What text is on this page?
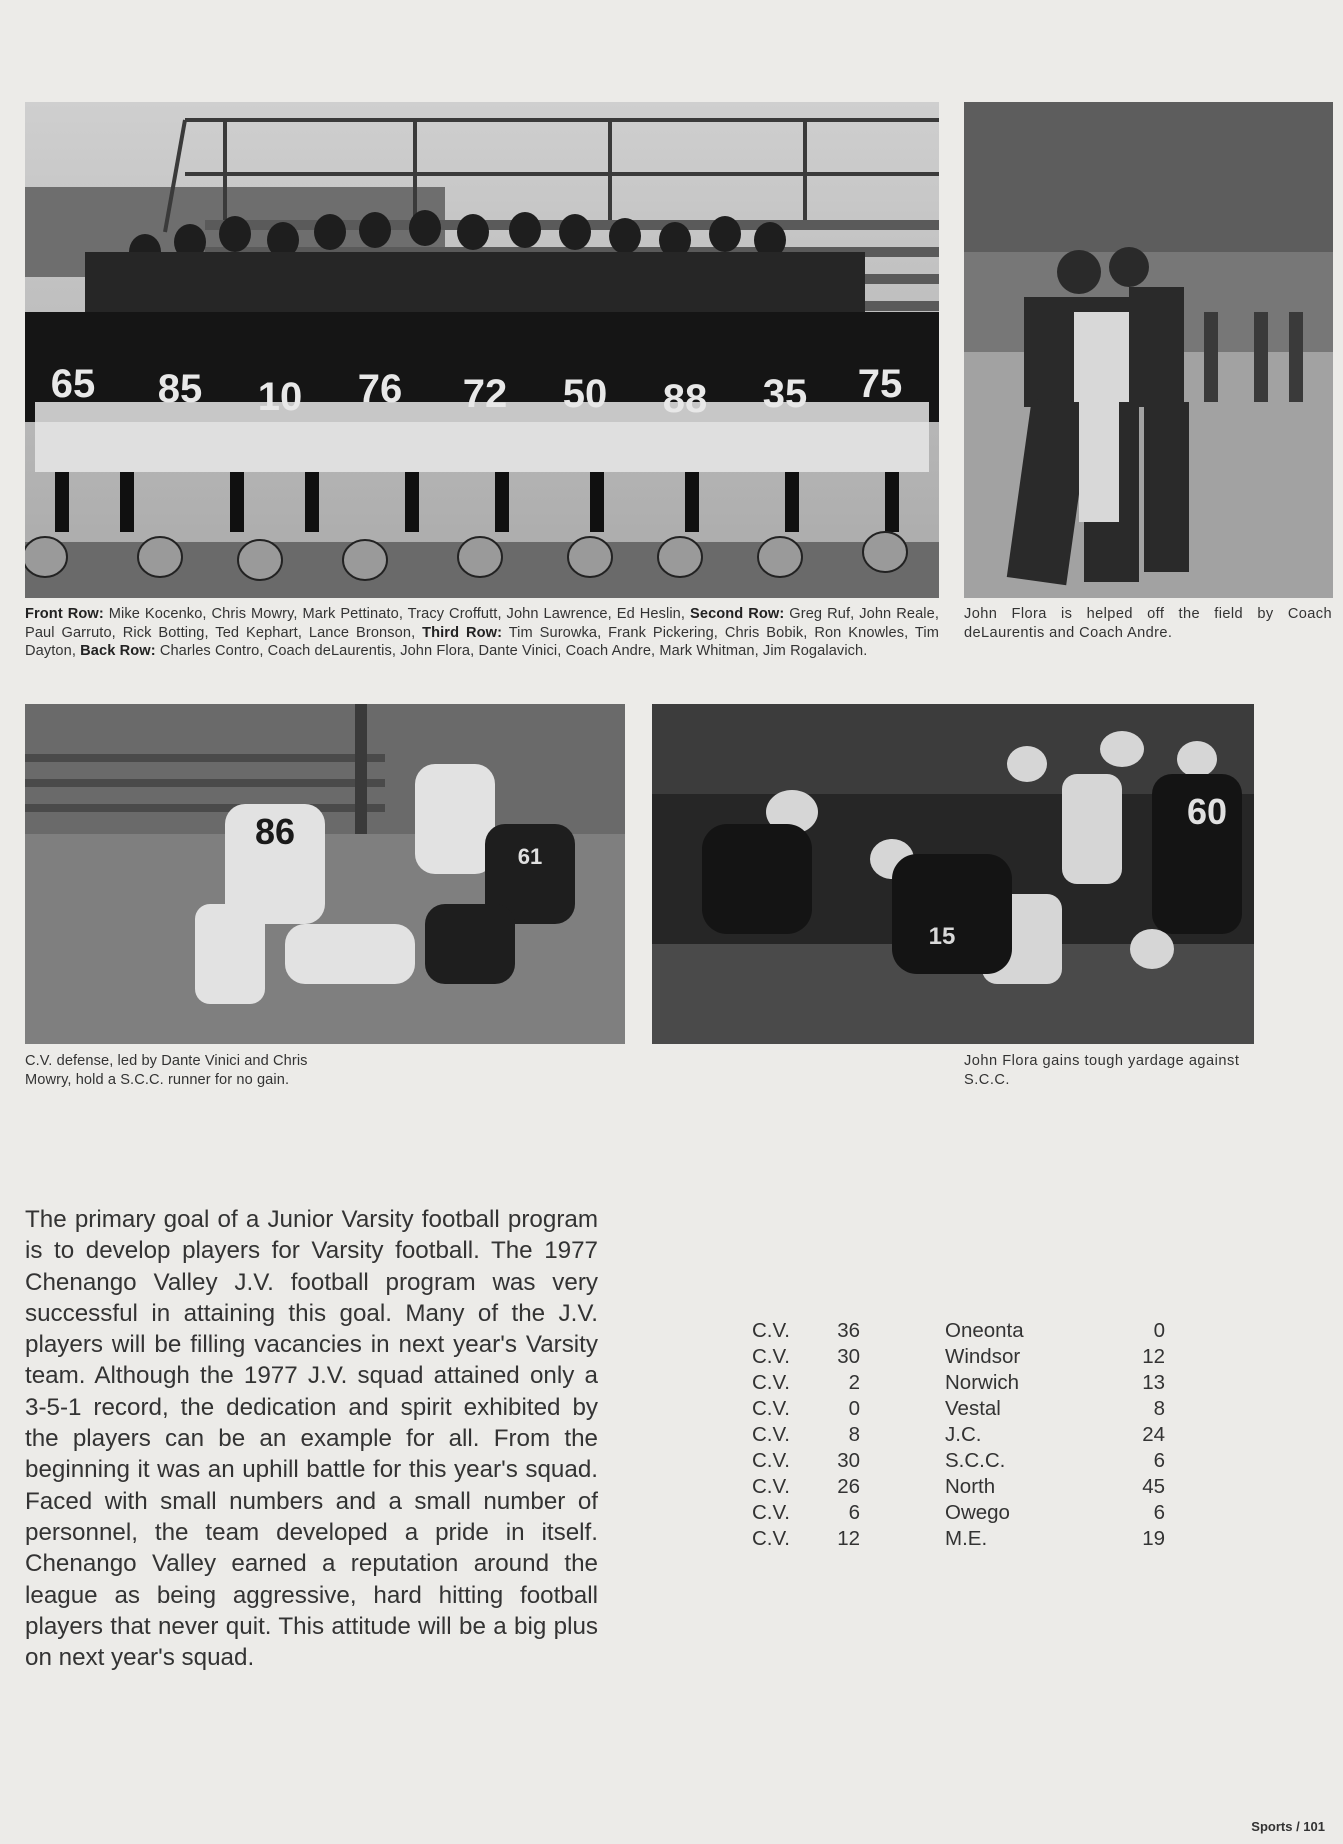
65 85 10 76 72 50 88 35 75
Front Row: Mike Kocenko, Chris Mowry, Mark Pettinato, Tracy Croffutt, John Lawrence, Ed Heslin, Second Row: Greg Ruf, John Reale, Paul Garruto, Rick Botting, Ted Kephart, Lance Bronson, Third Row: Tim Surowka, Frank Pickering, Chris Bobik, Ron Knowles, Tim Dayton, Back Row: Charles Contro, Coach deLaurentis, John Flora, Dante Vinici, Coach Andre, Mark Whitman, Jim Rogalavich.
John Flora is helped off the field by Coach deLaurentis and Coach Andre.
86
61
15
60
C.V. defense, led by Dante Vinici and Chris Mowry, hold a S.C.C. runner for no gain.
John Flora gains tough yardage against S.C.C.
The primary goal of a Junior Varsity football program is to develop players for Varsity football. The 1977 Chenango Valley J.V. football program was very successful in attaining this goal. Many of the J.V. players will be filling vacancies in next year's Varsity team. Although the 1977 J.V. squad attained only a 3-5-1 record, the dedication and spirit exhibited by the players can be an example for all. From the beginning it was an uphill battle for this year's squad. Faced with small numbers and a small number of personnel, the team developed a pride in itself. Chenango Valley earned a reputation around the league as being aggressive, hard hitting football players that never quit. This attitude will be a big plus on next year's squad.
C.V.	36		Oneonta	0
C.V.	30		Windsor	12
C.V.	2		Norwich	13
C.V.	0		Vestal	8
C.V.	8		J.C.	24
C.V.	30		S.C.C.	6
C.V.	26		North	45
C.V.	6		Owego	6
C.V.	12		M.E.	19
Sports / 101
